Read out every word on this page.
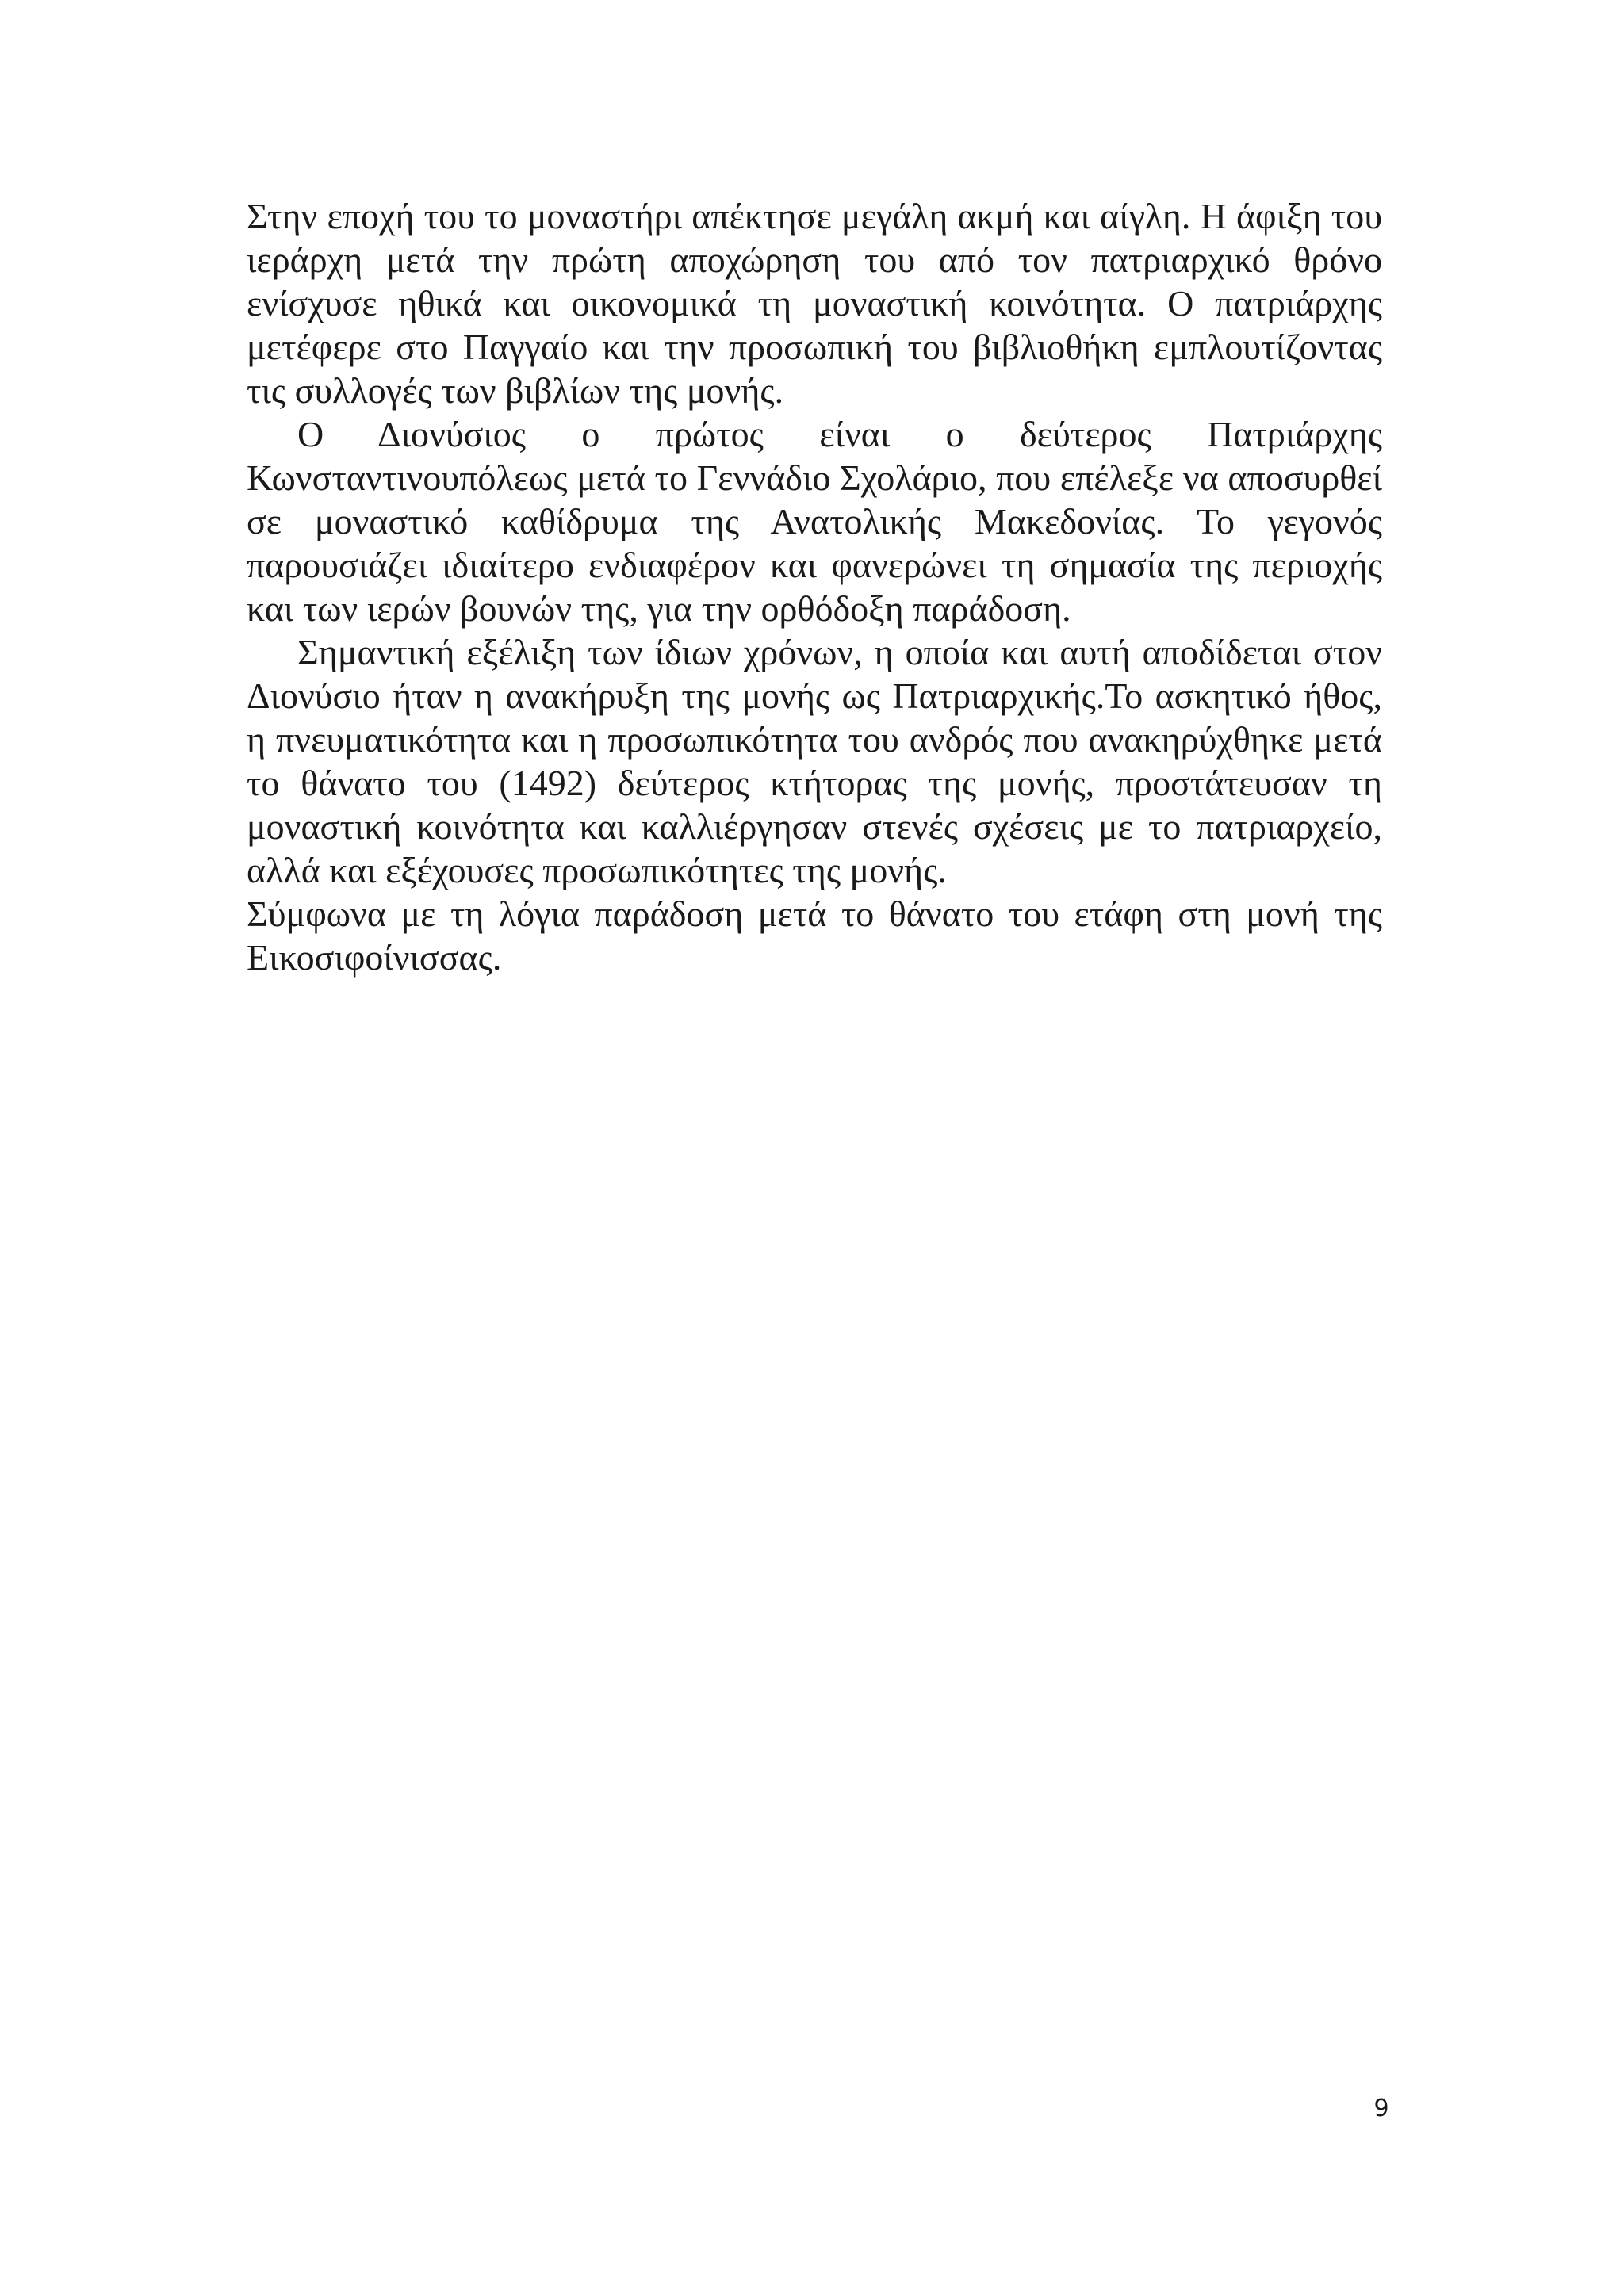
Στην εποχή του το μοναστήρι απέκτησε μεγάλη ακμή και αίγλη. Η άφιξη του ιεράρχη μετά την πρώτη αποχώρηση του από τον πατριαρχικό θρόνο ενίσχυσε ηθικά και οικονομικά τη μοναστική κοινότητα. Ο πατριάρχης μετέφερε στο Παγγαίο και την προσωπική του βιβλιοθήκη εμπλουτίζοντας τις συλλογές των βιβλίων της μονής.

Ο Διονύσιος ο πρώτος είναι ο δεύτερος Πατριάρχης Κωνσταντινουπόλεως μετά το Γεννάδιο Σχολάριο, που επέλεξε να αποσυρθεί σε μοναστικό καθίδρυμα της Ανατολικής Μακεδονίας. Το γεγονός παρουσιάζει ιδιαίτερο ενδιαφέρον και φανερώνει τη σημασία της περιοχής και των ιερών βουνών της, για την ορθόδοξη παράδοση.

Σημαντική εξέλιξη των ίδιων χρόνων, η οποία και αυτή αποδίδεται στον Διονύσιο ήταν η ανακήρυξη της μονής ως Πατριαρχικής.Το ασκητικό ήθος, η πνευματικότητα και η προσωπικότητα του ανδρός που ανακηρύχθηκε μετά το θάνατο του (1492) δεύτερος κτήτορας της μονής, προστάτευσαν τη μοναστική κοινότητα και καλλιέργησαν στενές σχέσεις με το πατριαρχείο, αλλά και εξέχουσες προσωπικότητες της μονής.

Σύμφωνα με τη λόγια παράδοση μετά το θάνατο του ετάφη στη μονή της Εικοσιφοίνισσας.

9
